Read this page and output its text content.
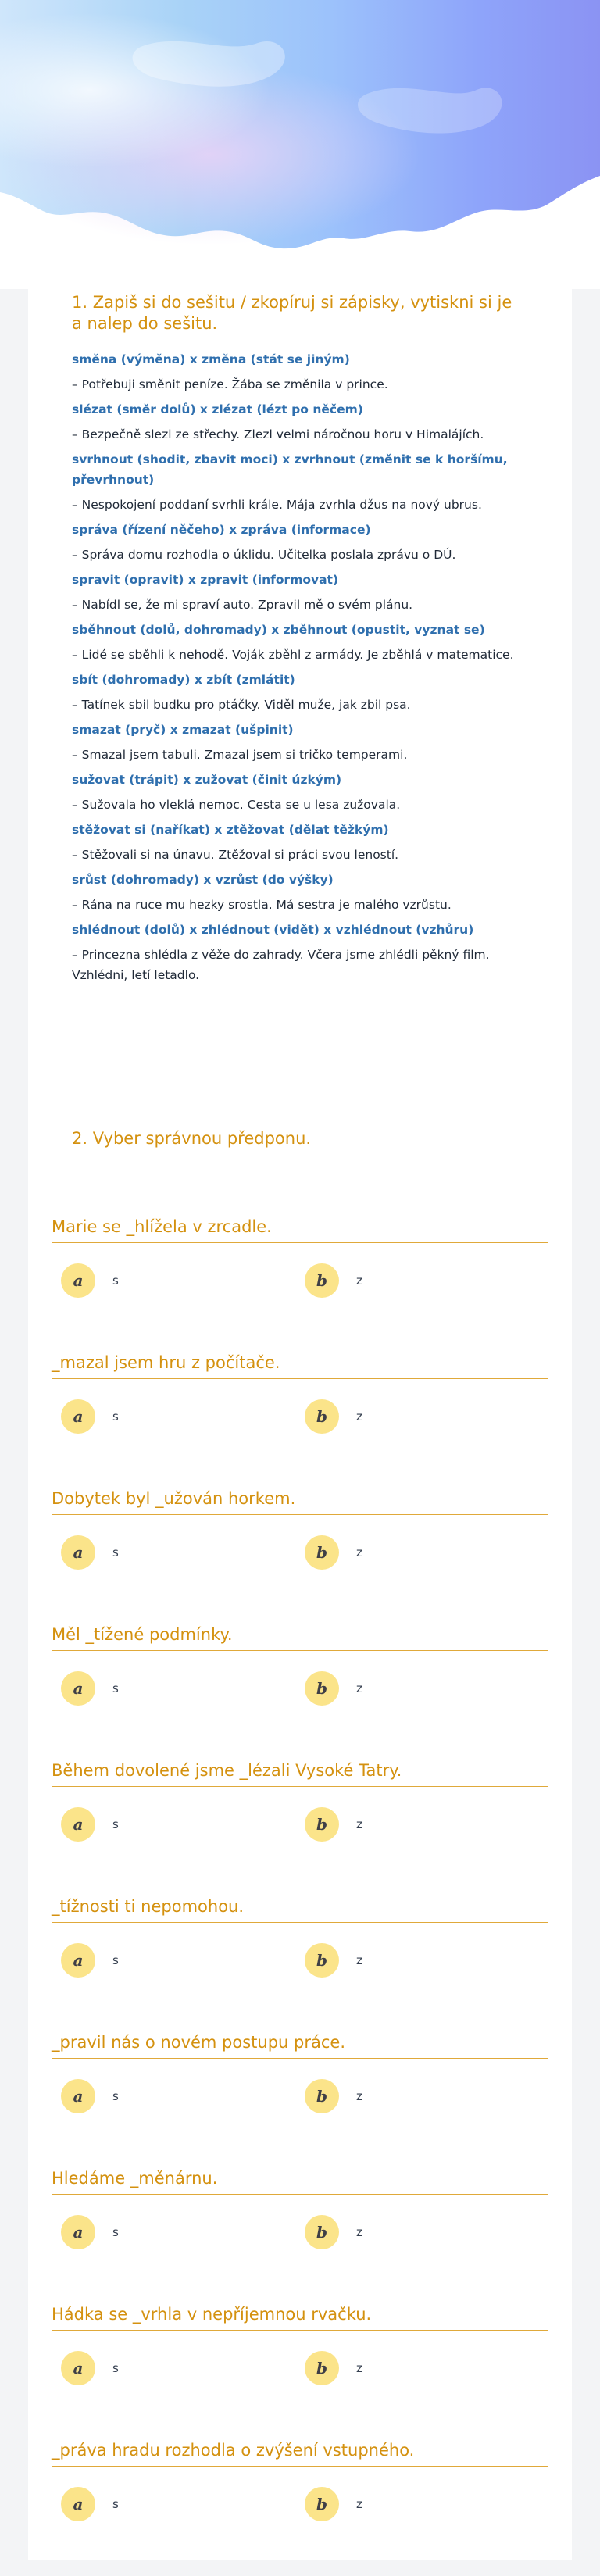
1. Zapiš si do sešitu / zkopíruj si zápisky, vytiskni si je a nalep do sešitu.
směna (výměna) x změna (stát se jiným)
– Potřebuji směnit peníze. Žába se změnila v prince.
slézat (směr dolů) x zlézat (lézt po něčem)
– Bezpečně slezl ze střechy. Zlezl velmi náročnou horu v Himalájích.
svrhnout (shodit, zbavit moci) x zvrhnout (změnit se k horšímu, převrhnout)
– Nespokojení poddaní svrhli krále. Mája zvrhla džus na nový ubrus.
správa (řízení něčeho) x zpráva (informace)
– Správa domu rozhodla o úklidu. Učitelka poslala zprávu o DÚ.
spravit (opravit) x zpravit (informovat)
– Nabídl se, že mi spraví auto. Zpravil mě o svém plánu.
sběhnout (dolů, dohromady) x zběhnout (opustit, vyznat se)
– Lidé se sběhli k nehodě. Voják zběhl z armády. Je zběhlá v matematice.
sbít (dohromady) x zbít (zmlátit)
– Tatínek sbil budku pro ptáčky. Viděl muže, jak zbil psa.
smazat (pryč) x zmazat (ušpinit)
– Smazal jsem tabuli. Zmazal jsem si tričko temperami.
sužovat (trápit) x zužovat (činit úzkým)
– Sužovala ho vleklá nemoc. Cesta se u lesa zužovala.
stěžovat si (naříkat) x ztěžovat (dělat těžkým)
– Stěžovali si na únavu. Ztěžoval si práci svou leností.
srůst (dohromady) x vzrůst (do výšky)
– Rána na ruce mu hezky srostla. Má sestra je malého vzrůstu.
shlédnout (dolů) x zhlédnout (vidět) x vzhlédnout (vzhůru)
– Princezna shlédla z věže do zahrady. Včera jsme zhlédli pěkný film. Vzhlédni, letí letadlo.
2. Vyber správnou předponu.
Marie se _hlížela v zrcadle.
a	s	b	z
_mazal jsem hru z počítače.
a	s	b	z
Dobytek byl _užován horkem.
a	s	b	z
Měl _tížené podmínky.
a	s	b	z
Během dovolené jsme _lézali Vysoké Tatry.
a	s	b	z
_tížnosti ti nepomohou.
a	s	b	z
_pravil nás o novém postupu práce.
a	s	b	z
Hledáme _měnárnu.
a	s	b	z
Hádka se _vrhla v nepříjemnou rvačku.
a	s	b	z
_práva hradu rozhodla o zvýšení vstupného.
a	s	b	z
